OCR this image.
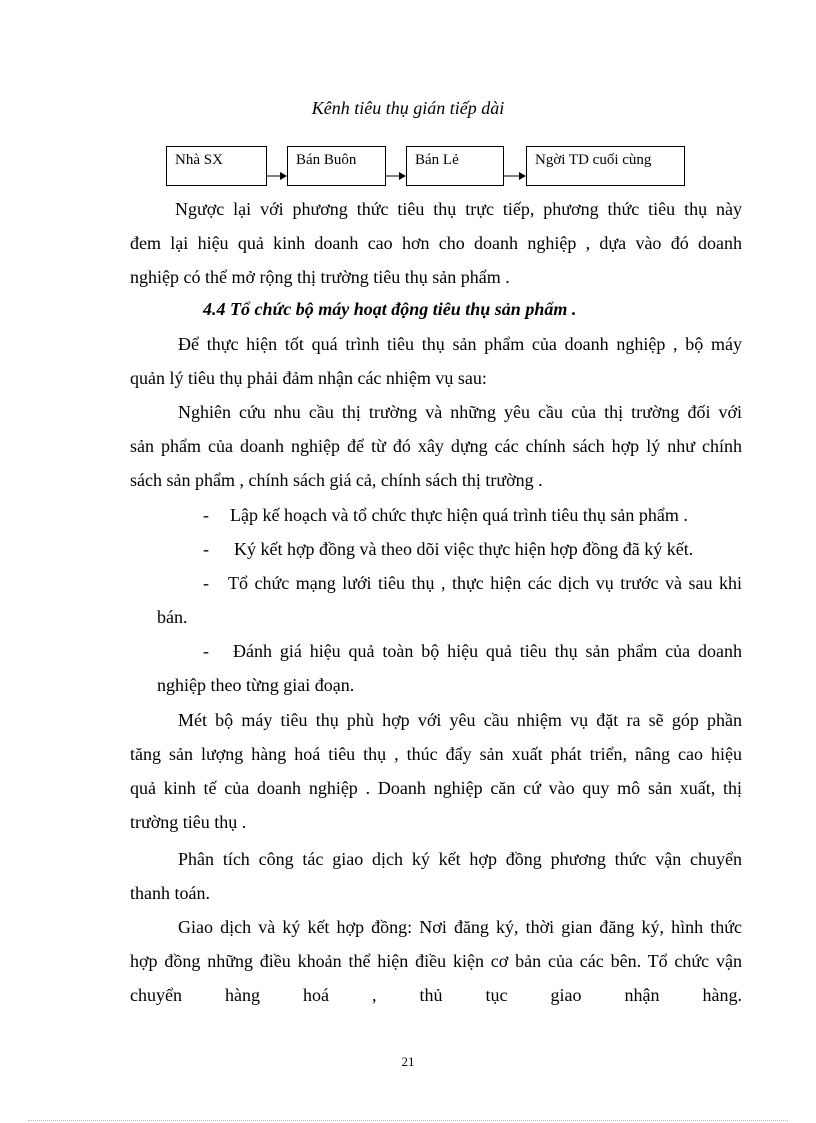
Kênh tiêu thụ gián tiếp dài
Nhà SX	Bán Buôn	Bán Lẻ	Ngời TD cuối cùng
Ngược lại với phương thức tiêu thụ trực tiếp, phương thức tiêu thụ này
đem lại hiệu quả kinh doanh cao hơn cho doanh nghiệp , dựa vào đó doanh
nghiệp có thể mở rộng thị trường tiêu thụ sản phẩm .
4.4 Tổ chức bộ máy hoạt động tiêu thụ sản phẩm .
Để thực hiện tốt quá trình tiêu thụ sản phẩm của doanh nghiệp , bộ máy
quản lý tiêu thụ phải đảm nhận các nhiệm vụ sau:
Nghiên cứu nhu cầu thị trường và những yêu cầu của thị trường đối với
sản phẩm của doanh nghiệp để từ đó xây dựng các chính sách hợp lý như chính
sách sản phẩm , chính sách giá cả, chính sách thị trường .
- Lập kế hoạch và tổ chức thực hiện quá trình tiêu thụ sản phẩm .
- Ký kết hợp đồng và theo dõi việc thực hiện hợp đồng đã ký kết.
- Tổ chức mạng lưới tiêu thụ , thực hiện các dịch vụ trước và sau khi
bán.
- Đánh giá hiệu quả toàn bộ hiệu quả tiêu thụ sản phẩm của doanh
nghiệp theo từng giai đoạn.
Mét bộ máy tiêu thụ phù hợp với yêu cầu nhiệm vụ đặt ra sẽ góp phần
tăng sản lượng hàng hoá tiêu thụ , thúc đẩy sản xuất phát triển, nâng cao hiệu
quả kinh tế của doanh nghiệp . Doanh nghiệp căn cứ vào quy mô sản xuất, thị
trường tiêu thụ .
Phân tích công tác giao dịch ký kết hợp đồng phương thức vận chuyển
thanh toán.
Giao dịch và ký kết hợp đồng: Nơi đăng ký, thời gian đăng ký, hình thức
hợp đồng những điều khoản thể hiện điều kiện cơ bản của các bên. Tổ chức vận
chuyển hàng hoá , thủ tục giao nhận hàng.
21
